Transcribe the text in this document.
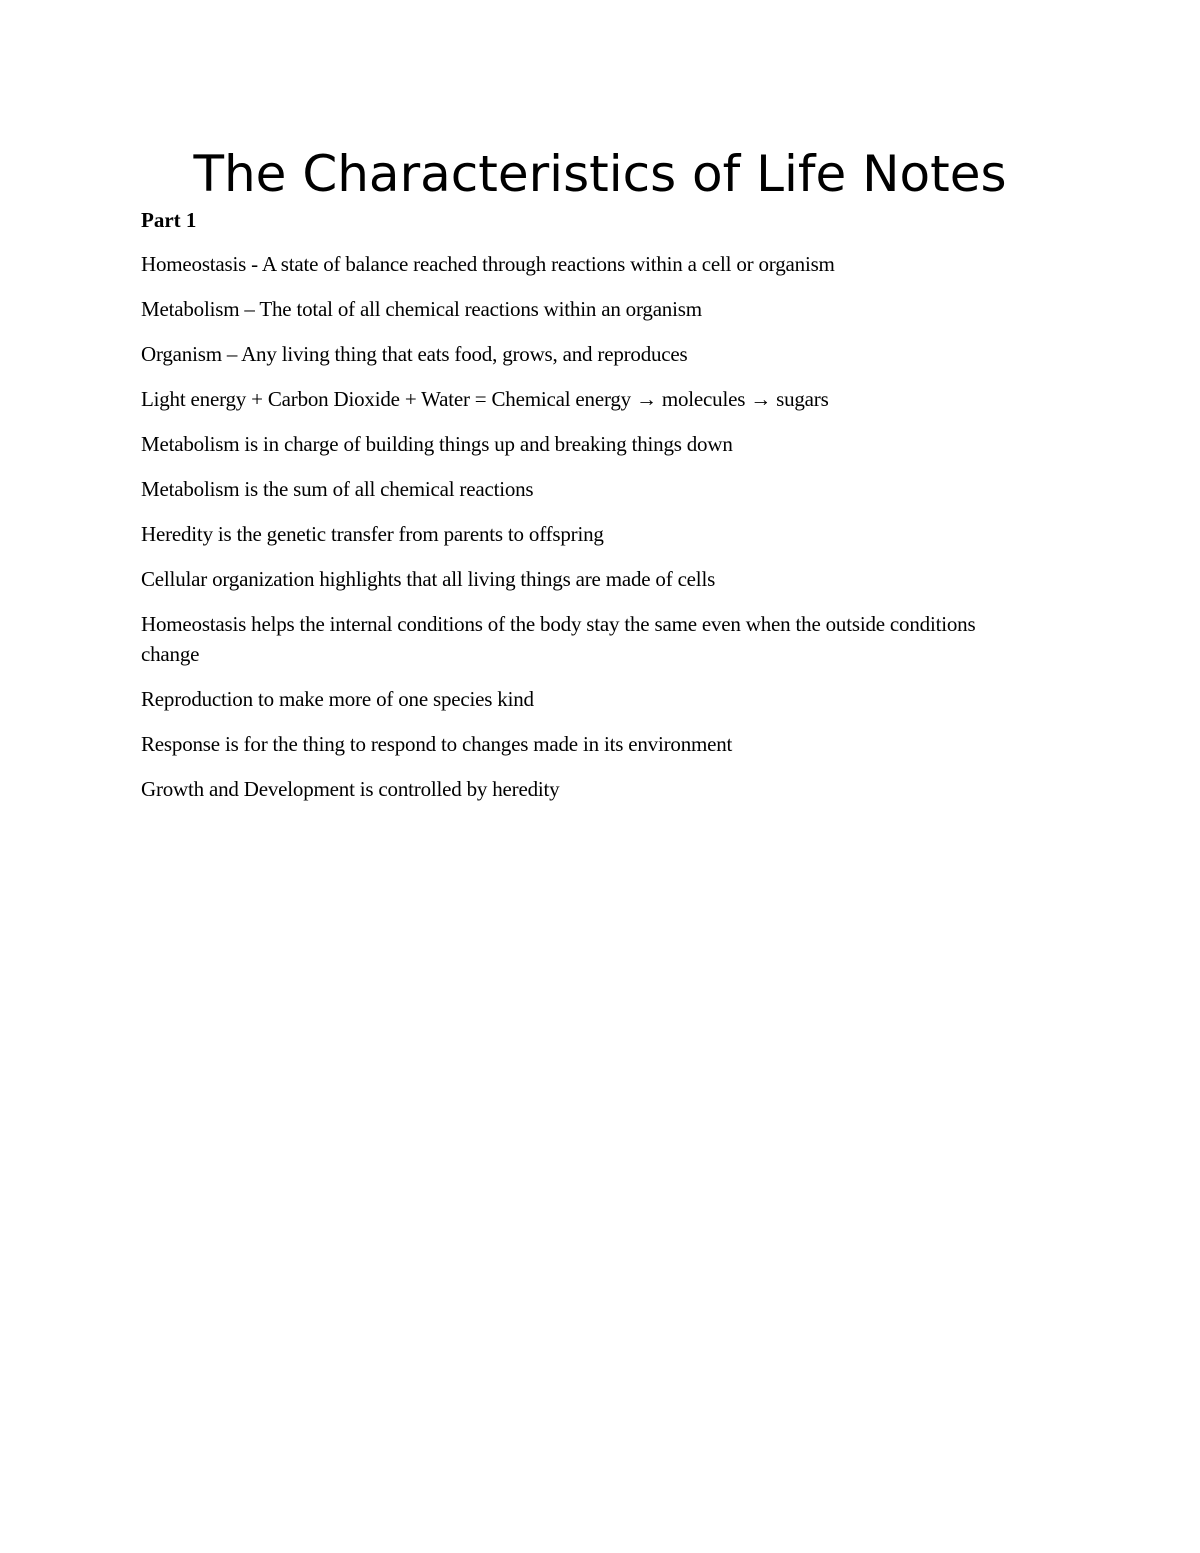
The Characteristics of Life Notes
Part 1

Homeostasis - A state of balance reached through reactions within a cell or organism

Metabolism – The total of all chemical reactions within an organism

Organism – Any living thing that eats food, grows, and reproduces

Light energy + Carbon Dioxide + Water = Chemical energy → molecules → sugars

Metabolism is in charge of building things up and breaking things down

Metabolism is the sum of all chemical reactions

Heredity is the genetic transfer from parents to offspring

Cellular organization highlights that all living things are made of cells

Homeostasis helps the internal conditions of the body stay the same even when the outside conditions change

Reproduction to make more of one species kind

Response is for the thing to respond to changes made in its environment

Growth and Development is controlled by heredity
